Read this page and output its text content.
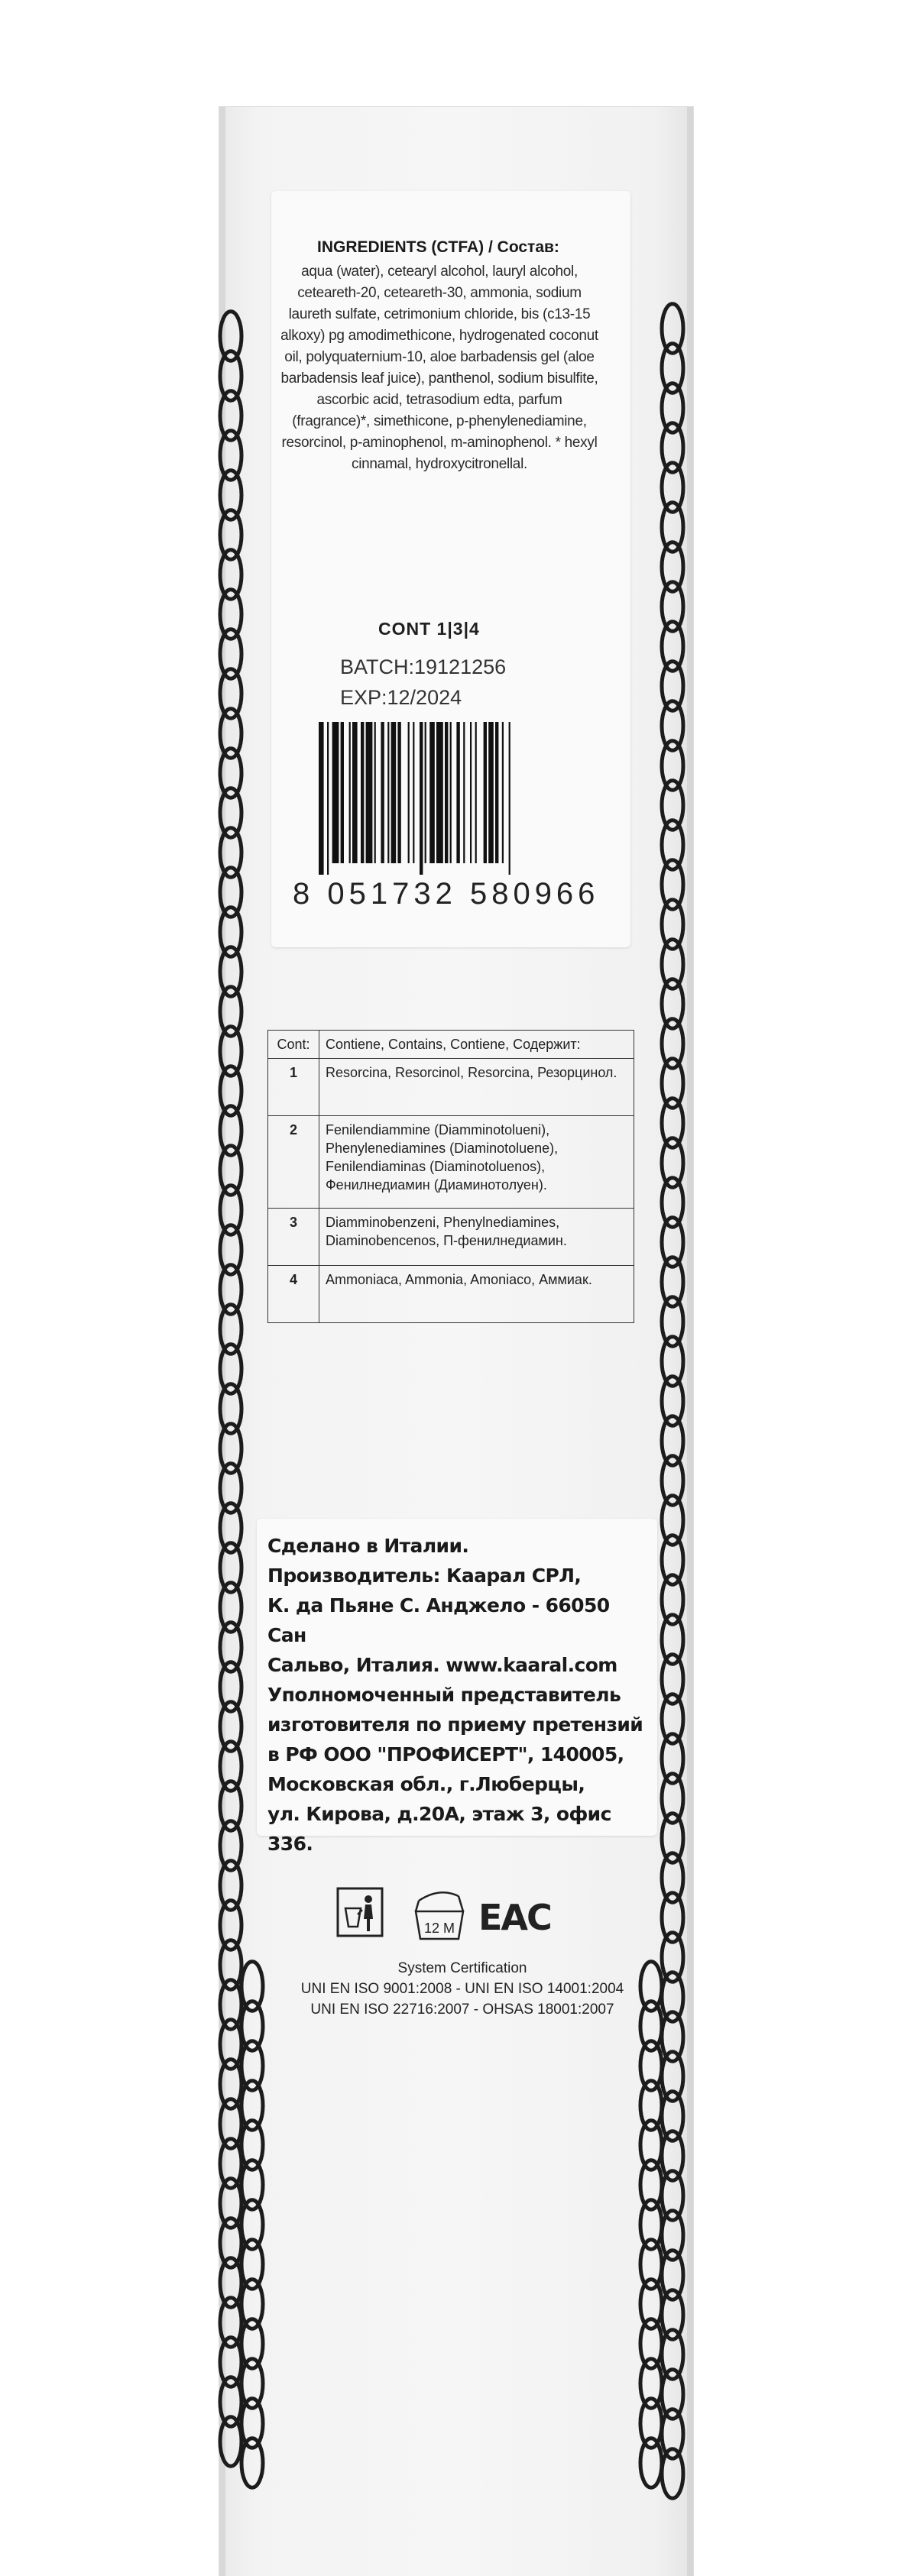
INGREDIENTS (CTFA) / Состав:
aqua (water), cetearyl alcohol, lauryl alcohol, ceteareth-20, ceteareth-30, ammonia, sodium laureth sulfate, cetrimonium chloride, bis (c13-15 alkoxy) pg amodimethicone, hydrogenated coconut oil, polyquaternium-10, aloe barbadensis gel (aloe barbadensis leaf juice), panthenol, sodium bisulfite, ascorbic acid, tetrasodium edta, parfum (fragrance)*, simethicone, p-phenylenediamine, resorcinol, p-aminophenol, m-aminophenol. * hexyl cinnamal, hydroxycitronellal.
CONT 1|3|4
BATCH:19121256
EXP:12/2024
8 051732 580966
Cont:	Contiene, Contains, Contiene, Содержит:
1	Resorcina, Resorcinol, Resorcina, Резорцинол.
2	Fenilendiammine (Diamminotolueni), Phenylenediamines (Diaminotoluene), Fenilendiaminas (Diaminotoluenos), Фенилнедиамин (Диаминотолуен).
3	Diamminobenzeni, Phenylnediamines, Diaminobencenos, П-фенилнедиамин.
4	Ammoniaca, Ammonia, Amoniaco, Аммиак.
Сделано в Италии.
Производитель: Каарал СРЛ,
К. да Пьяне С. Анджело - 66050 Сан
Сальво, Италия. www.kaaral.com
Уполномоченный представитель
изготовителя по приему претензий
в РФ ООО "ПРОФИСЕРТ", 140005,
Московская обл., г.Люберцы,
ул. Кирова, д.20А, этаж 3, офис 336.
12 M ЕАС
System Certification
UNI EN ISO 9001:2008 - UNI EN ISO 14001:2004
UNI EN ISO 22716:2007 - OHSAS 18001:2007
